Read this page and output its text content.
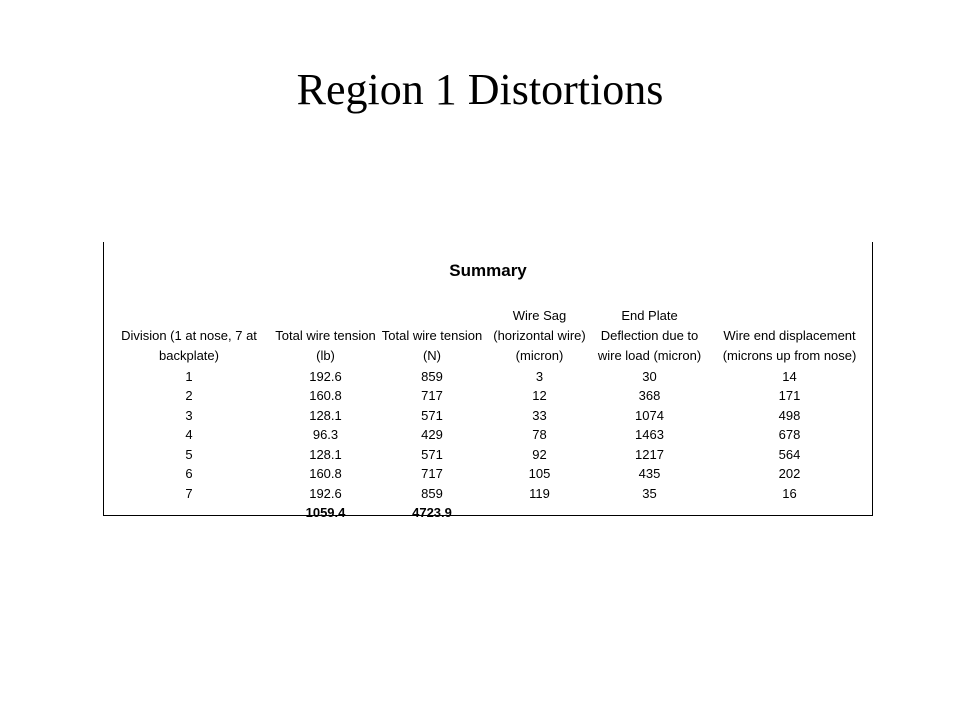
Region 1 Distortions
Summary					
Division (1 at nose, 7 at backplate)	Total wire tension (lb)	Total wire tension (N)	Wire Sag (horizontal wire) (micron)	End Plate Deflection due to wire load (micron)	Wire end displacement (microns up from nose)
1	192.6	859	3	30	14
2	160.8	717	12	368	171
3	128.1	571	33	1074	498
4	96.3	429	78	1463	678
5	128.1	571	92	1217	564
6	160.8	717	105	435	202
7	192.6	859	119	35	16
	1059.4	4723.9			
